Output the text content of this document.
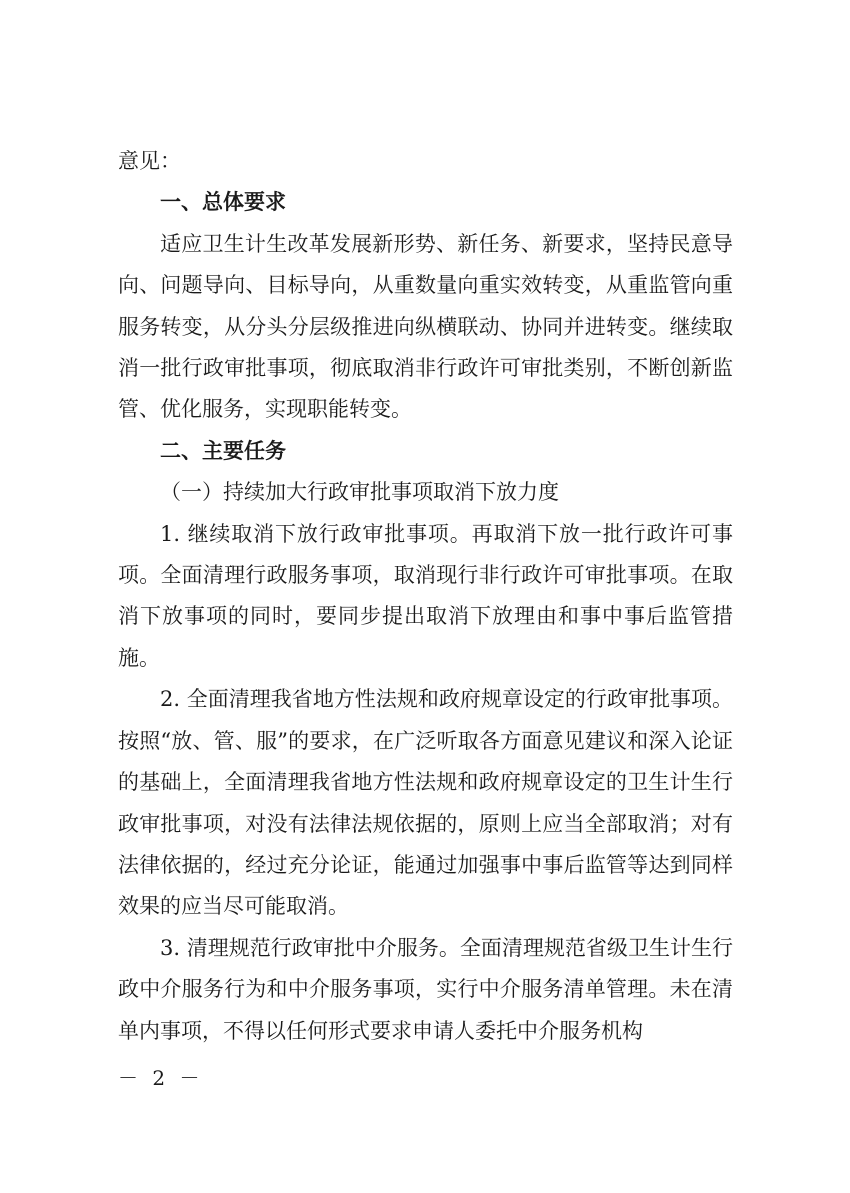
意见：

一、总体要求

适应卫生计生改革发展新形势、新任务、新要求，坚持民意导向、问题导向、目标导向，从重数量向重实效转变，从重监管向重服务转变，从分头分层级推进向纵横联动、协同并进转变。继续取消一批行政审批事项，彻底取消非行政许可审批类别，不断创新监管、优化服务，实现职能转变。

二、主要任务

（一）持续加大行政审批事项取消下放力度

1. 继续取消下放行政审批事项。再取消下放一批行政许可事项。全面清理行政服务事项，取消现行非行政许可审批事项。在取消下放事项的同时，要同步提出取消下放理由和事中事后监管措施。

2. 全面清理我省地方性法规和政府规章设定的行政审批事项。按照“放、管、服”的要求，在广泛听取各方面意见建议和深入论证的基础上，全面清理我省地方性法规和政府规章设定的卫生计生行政审批事项，对没有法律法规依据的，原则上应当全部取消；对有法律依据的，经过充分论证，能通过加强事中事后监管等达到同样效果的应当尽可能取消。

3. 清理规范行政审批中介服务。全面清理规范省级卫生计生行政中介服务行为和中介服务事项，实行中介服务清单管理。未在清单内事项，不得以任何形式要求申请人委托中介服务机构

－ 2 －
